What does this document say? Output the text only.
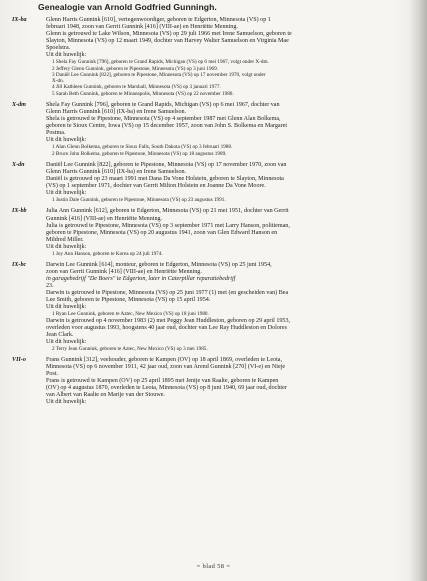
Genealogie van Arnold Godfried Gunningh.
IX-ba	Glenn Harris Gunnink [610], vertegenwoordiger, geboren te Edgerton, Minnesota (VS) op 1
februari 1948, zoon van Gerrit Gunnink [416] (VIII-ae) en Henriëtte Menning.
Glenn is getrouwd te Lake Wilson, Minnesota (VS) op 29 juli 1966 met Irene Samuelson, geboren te
Slayton, Minnesota (VS) op 12 maart 1949, dochter van Harvey Walter Samuelson en Virginia Mae
Spoelstra.
Uit dit huwelijk:
1 Shela Fay Gunnink [796], geboren te Grand Rapids, Michigan (VS) op 6 mei 1967, volgt onder X-dm.
2 Jeffery Glenn Gunnink, geboren te Pipestone, Minnesota (VS) op 3 juni 1969.
3 Daniël Lee Gunnink [822], geboren te Pipestone, Minnesota (VS) op 17 november 1970, volgt onder
X-dn.
4 Jill Kathleen Gunnink, geboren te Marshall, Minnesota (VS) op 3 januari 1977.
5 Sarah Beth Gunnink, geboren te Minneapolis, Minnesota (VS) op 22 november 1980.
X-dm	Shela Fay Gunnink [796], geboren te Grand Rapids, Michigan (VS) op 6 mei 1967, dochter van
Glenn Harris Gunnink [610] (IX-ba) en Irene Samuelson.
Shela is getrouwd te Pipestone, Minnesota (VS) op 4 september 1987 met Glenn Alan Bolkema,
geboren te Sioux Centre, Iowa (VS) op 15 december 1957, zoon van John S. Bolkema en Margaret
Postma.
Uit dit huwelijk:
1 Alan Glenn Bolkema, geboren te Sioux Falls, South Dakota (VS) op 3 februari 1988.
2 Bruce John Bolkema, geboren te Pipestone, Minnesota (VS) op 18 augustus 1989.
X-dn	Daniël Lee Gunnink [822], geboren te Pipestone, Minnesota (VS) op 17 november 1970, zoon van
Glenn Harris Gunnink [610] (IX-ba) en Irene Samuelson.
Daniël is getrouwd op 23 maart 1991 met Dana Da Vone Holstein, geboren te Slayton, Minnesota
(VS) op 1 september 1971, dochter van Gerrit Milton Holstein en Joanne Da Vone Moore.
Uit dit huwelijk:
1 Justin Dale Gunnink, geboren te Pipestone, Minnesota (VS) op 23 augustus 1991.
IX-bb	Julia Ann Gunnink [612], geboren te Edgerton, Minnesota (VS) op 21 mei 1951, dochter van Gerrit
Gunnink [416] (VIII-ae) en Henriëtte Menning.
Julia is getrouwd te Pipestone, Minnesota (VS) op 3 september 1971 met Larry Hanson, politieman,
geboren te Pipestone, Minnesota (VS) op 20 augustus 1941, zoon van Glen Edward Hanson en
Mildred Miller.
Uit dit huwelijk:
1 Joy Ann Hanson, geboren te Korea op 24 juli 1974.
IX-bc	Darwin Lee Gunnink [614], monteur, geboren te Edgerton, Minnesota (VS) op 25 juni 1954,
zoon van Gerrit Gunnink [416] (VIII-ae) en Henriëtte Menning.
in garagebedrijf "De Boers" te Edgerton, later in Caterpillar reparatiebedrijf
23.
Darwin is getrouwd te Pipestone, Minnesota (VS) op 25 juni 1977 (1) met (en gescheiden van) Bea
Lee Smith, geboren te Pipestone, Minnesota (VS) op 15 april 1954.
Uit dit huwelijk:
1 Ryan Lee Gunnink, geboren te Aztec, New Mexico (VS) op 18 juni 1980.
Darwin is getrouwd op 4 november 1983 (2) met Peggy Jean Huddleston, geboren op 29 april 1953,
overleden voor augustus 1993, hoogstens 40 jaar oud, dochter van Lee Ray Huddleston en Dolores
Jean Clark.
Uit dit huwelijk:
2 Terry Jean Gunnink, geboren te Aztec, New Mexico (VS) op 3 mei 1985.
VII-o	Frans Gunnink [312], veehouder, geboren te Kampen (OV) op 18 april 1869, overleden te Leota,
Minnesota (VS) op 6 november 1911, 42 jaar oud, zoon van Arend Gunnink [270] (VI-e) en Nieje
Post.
Frans is getrouwd te Kampen (OV) op 25 april 1895 met Jentje van Raalte, geboren te Kampen
(OV) op 4 augustus 1870, overleden te Leota, Minnesota (VS) op 8 juni 1940, 69 jaar oud, dochter
van Albert van Raalte en Marije van der Stouwe.
Uit dit huwelijk:
= blad 58 =
